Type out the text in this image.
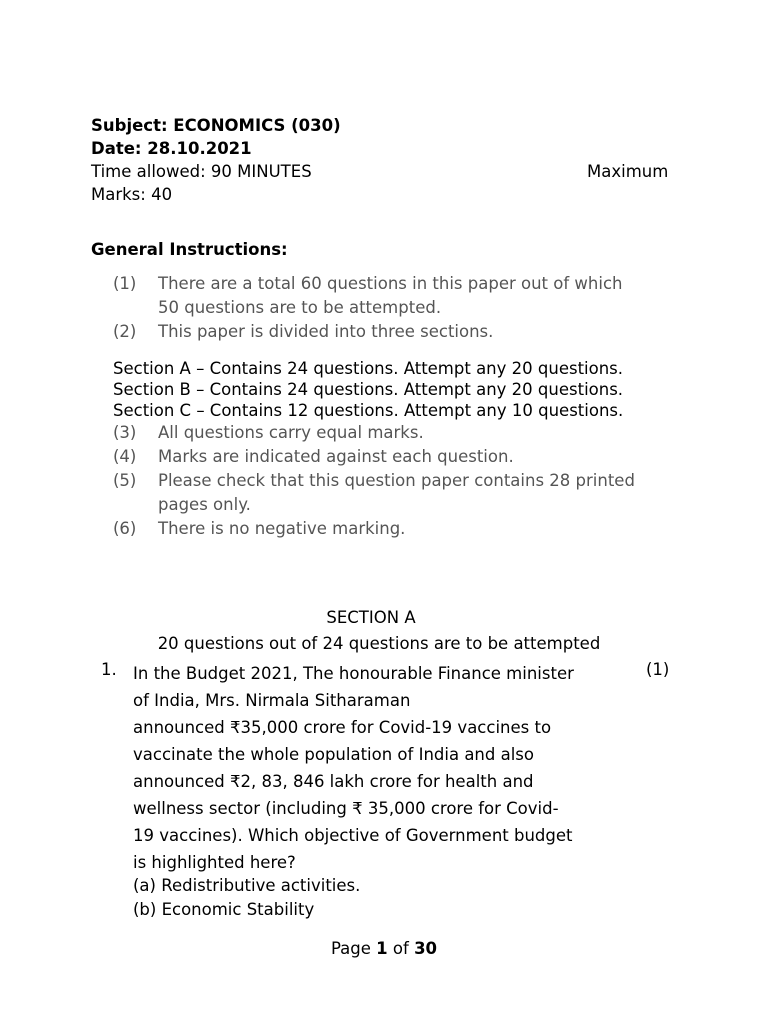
Subject: ECONOMICS (030)
Date: 28.10.2021
Time allowed: 90 MINUTES	Maximum
Marks: 40
General Instructions:
(1) There are a total 60 questions in this paper out of which
50 questions are to be attempted.
(2) This paper is divided into three sections.
Section A – Contains 24 questions. Attempt any 20 questions.
Section B – Contains 24 questions. Attempt any 20 questions.
Section C – Contains 12 questions. Attempt any 10 questions.
(3) All questions carry equal marks.
(4) Marks are indicated against each question.
(5) Please check that this question paper contains 28 printed
pages only.
(6) There is no negative marking.
SECTION A
20 questions out of 24 questions are to be attempted
1.	(1)
In the Budget 2021, The honourable Finance minister
of India, Mrs. Nirmala Sitharaman
announced ₹35,000 crore for Covid-19 vaccines to
vaccinate the whole population of India and also
announced ₹2, 83, 846 lakh crore for health and
wellness sector (including ₹ 35,000 crore for Covid-
19 vaccines). Which objective of Government budget
is highlighted here?
(a) Redistributive activities.
(b) Economic Stability
Page 1 of 30
